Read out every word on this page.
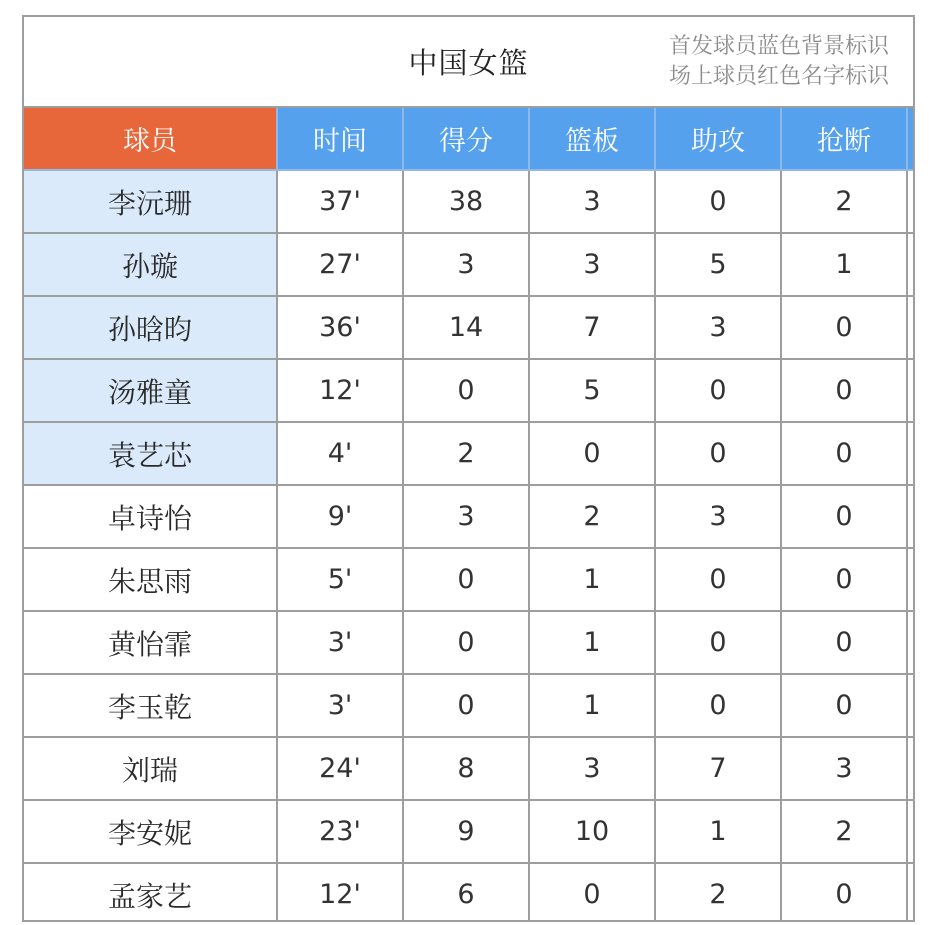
中国女篮	首发球员蓝色背景标识
场上球员红色名字标识
球员	时间	得分	篮板	助攻	抢断	
李沅珊	37'	38	3	0	2	
孙璇	27'	3	3	5	1	
孙晗昀	36'	14	7	3	0	
汤雅童	12'	0	5	0	0	
袁艺芯	4'	2	0	0	0	
卓诗怡	9'	3	2	3	0	
朱思雨	5'	0	1	0	0	
黄怡霏	3'	0	1	0	0	
李玉乾	3'	0	1	0	0	
刘瑞	24'	8	3	7	3	
李安妮	23'	9	10	1	2	
孟家艺	12'	6	0	2	0	
